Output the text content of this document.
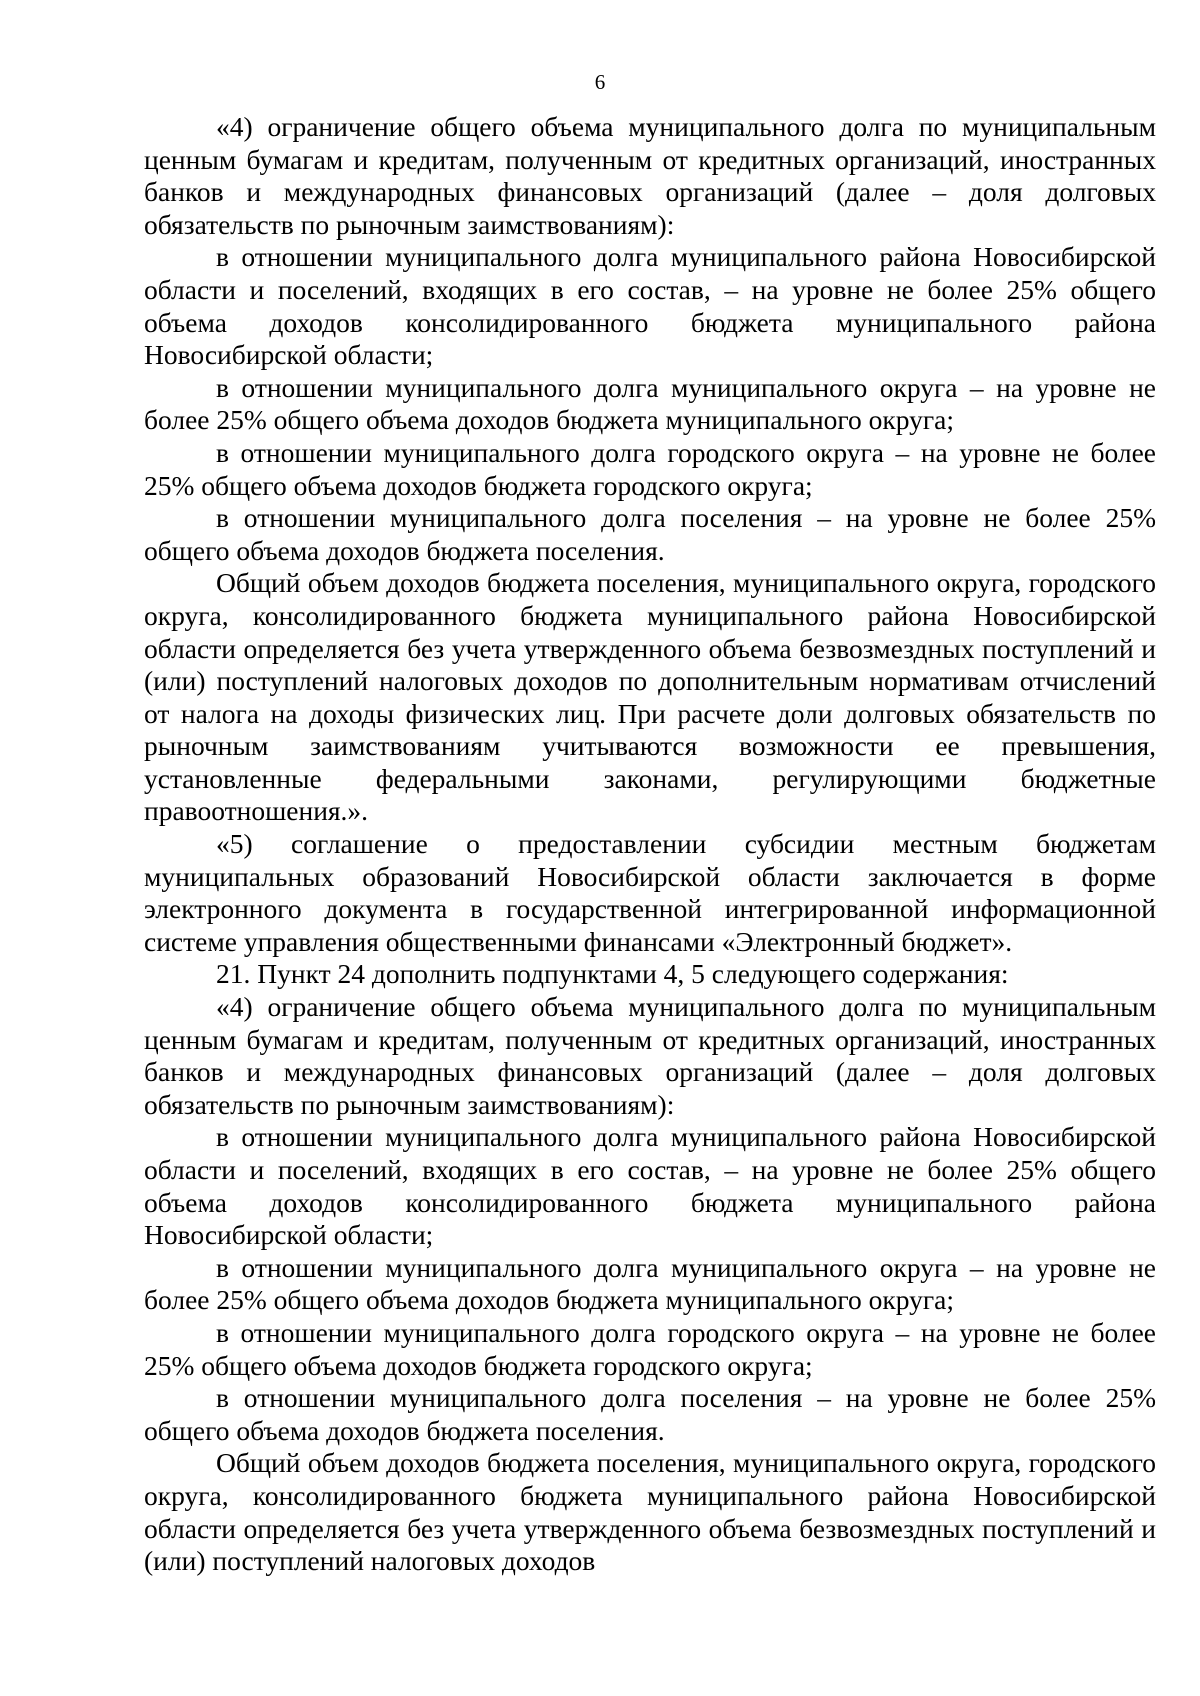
6

«4) ограничение общего объема муниципального долга по муниципальным ценным бумагам и кредитам, полученным от кредитных организаций, иностранных банков и международных финансовых организаций (далее – доля долговых обязательств по рыночным заимствованиям):

в отношении муниципального долга муниципального района Новосибирской области и поселений, входящих в его состав, – на уровне не более 25% общего объема доходов консолидированного бюджета муниципального района Новосибирской области;

в отношении муниципального долга муниципального округа – на уровне не более 25% общего объема доходов бюджета муниципального округа;

в отношении муниципального долга городского округа – на уровне не более 25% общего объема доходов бюджета городского округа;

в отношении муниципального долга поселения – на уровне не более 25% общего объема доходов бюджета поселения.

Общий объем доходов бюджета поселения, муниципального округа, городского округа, консолидированного бюджета муниципального района Новосибирской области определяется без учета утвержденного объема безвозмездных поступлений и (или) поступлений налоговых доходов по дополнительным нормативам отчислений от налога на доходы физических лиц. При расчете доли долговых обязательств по рыночным заимствованиям учитываются возможности ее превышения, установленные федеральными законами, регулирующими бюджетные правоотношения.».

«5) соглашение о предоставлении субсидии местным бюджетам муниципальных образований Новосибирской области заключается в форме электронного документа в государственной интегрированной информационной системе управления общественными финансами «Электронный бюджет».

21. Пункт 24 дополнить подпунктами 4, 5 следующего содержания:

«4) ограничение общего объема муниципального долга по муниципальным ценным бумагам и кредитам, полученным от кредитных организаций, иностранных банков и международных финансовых организаций (далее – доля долговых обязательств по рыночным заимствованиям):

в отношении муниципального долга муниципального района Новосибирской области и поселений, входящих в его состав, – на уровне не более 25% общего объема доходов консолидированного бюджета муниципального района Новосибирской области;

в отношении муниципального долга муниципального округа – на уровне не более 25% общего объема доходов бюджета муниципального округа;

в отношении муниципального долга городского округа – на уровне не более 25% общего объема доходов бюджета городского округа;

в отношении муниципального долга поселения – на уровне не более 25% общего объема доходов бюджета поселения.

Общий объем доходов бюджета поселения, муниципального округа, городского округа, консолидированного бюджета муниципального района Новосибирской области определяется без учета утвержденного объема безвозмездных поступлений и (или) поступлений налоговых доходов
